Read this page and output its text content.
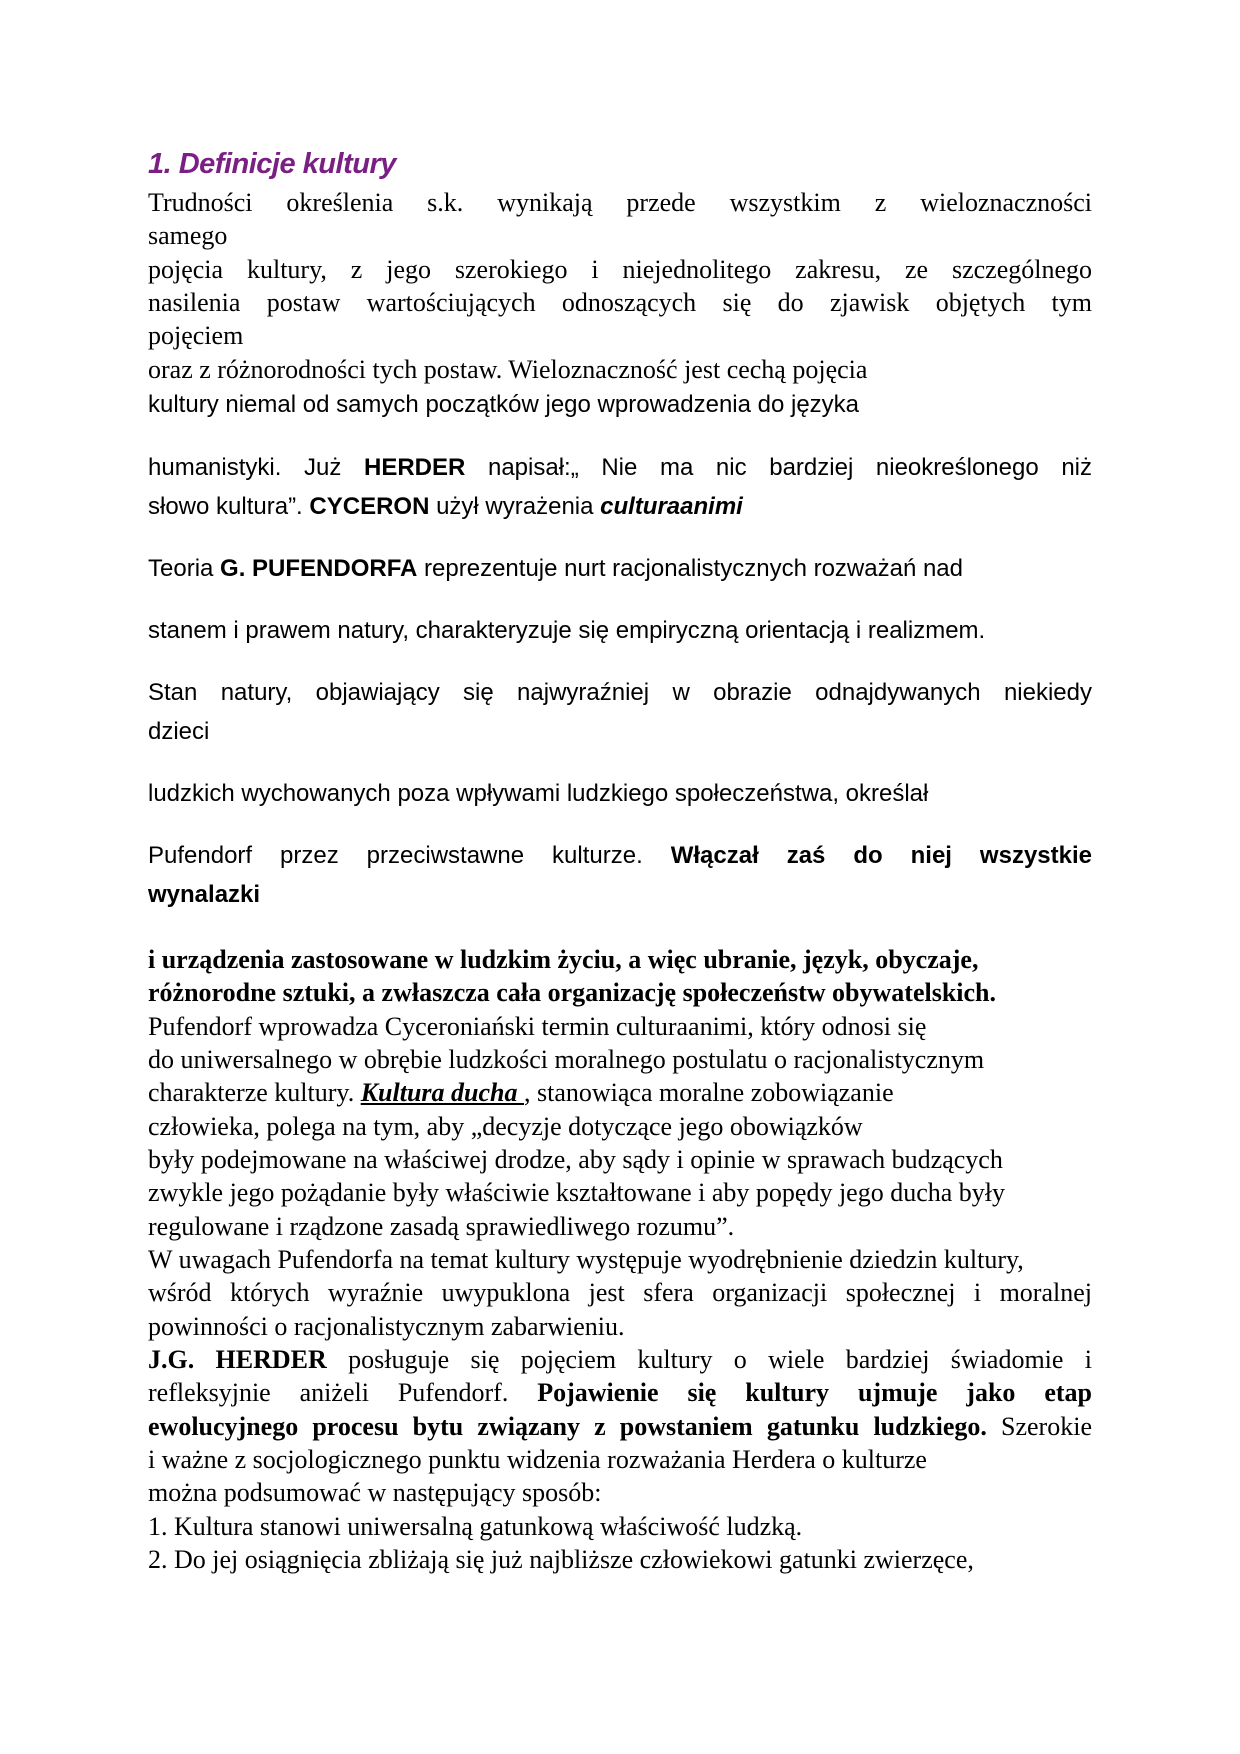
1. Definicje kultury

Trudności określenia s.k. wynikają przede wszystkim z wieloznaczności

samego

pojęcia kultury, z jego szerokiego i niejednolitego zakresu, ze szczególnego

nasilenia postaw wartościujących odnoszących się do zjawisk objętych tym

pojęciem

oraz z różnorodności tych postaw. Wieloznaczność jest cechą pojęcia

kultury niemal od samych początków jego wprowadzenia do języka

humanistyki. Już HERDER napisał:„ Nie ma nic bardziej nieokreślonego niż

słowo kultura”. CYCERON użył wyrażenia culturaanimi

Teoria G. PUFENDORFA reprezentuje nurt racjonalistycznych rozważań nad

stanem i prawem natury, charakteryzuje się empiryczną orientacją i realizmem.

Stan natury, objawiający się najwyraźniej w obrazie odnajdywanych niekiedy

dzieci

ludzkich wychowanych poza wpływami ludzkiego społeczeństwa, określał

Pufendorf przez przeciwstawne kulturze. Włączał zaś do niej wszystkie

wynalazki

i urządzenia zastosowane w ludzkim życiu, a więc ubranie, język, obyczaje,

różnorodne sztuki, a zwłaszcza cała organizację społeczeństw obywatelskich.

Pufendorf wprowadza Cyceroniański termin culturaanimi, który odnosi się

do uniwersalnego w obrębie ludzkości moralnego postulatu o racjonalistycznym

charakterze kultury. Kultura ducha , stanowiąca moralne zobowiązanie

człowieka, polega na tym, aby „decyzje dotyczące jego obowiązków

były podejmowane na właściwej drodze, aby sądy i opinie w sprawach budzących

zwykle jego pożądanie były właściwie kształtowane i aby popędy jego ducha były

regulowane i rządzone zasadą sprawiedliwego rozumu”.

W uwagach Pufendorfa na temat kultury występuje wyodrębnienie dziedzin kultury,

wśród których wyraźnie uwypuklona jest sfera organizacji społecznej i moralnej

powinności o racjonalistycznym zabarwieniu.

J.G. HERDER posługuje się pojęciem kultury o wiele bardziej świadomie i

refleksyjnie aniżeli Pufendorf. Pojawienie się kultury ujmuje jako etap

ewolucyjnego procesu bytu związany z powstaniem gatunku ludzkiego. Szerokie

i ważne z socjologicznego punktu widzenia rozważania Herdera o kulturze

można podsumować w następujący sposób:

1. Kultura stanowi uniwersalną gatunkową właściwość ludzką.

2. Do jej osiągnięcia zbliżają się już najbliższe człowiekowi gatunki zwierzęce,
